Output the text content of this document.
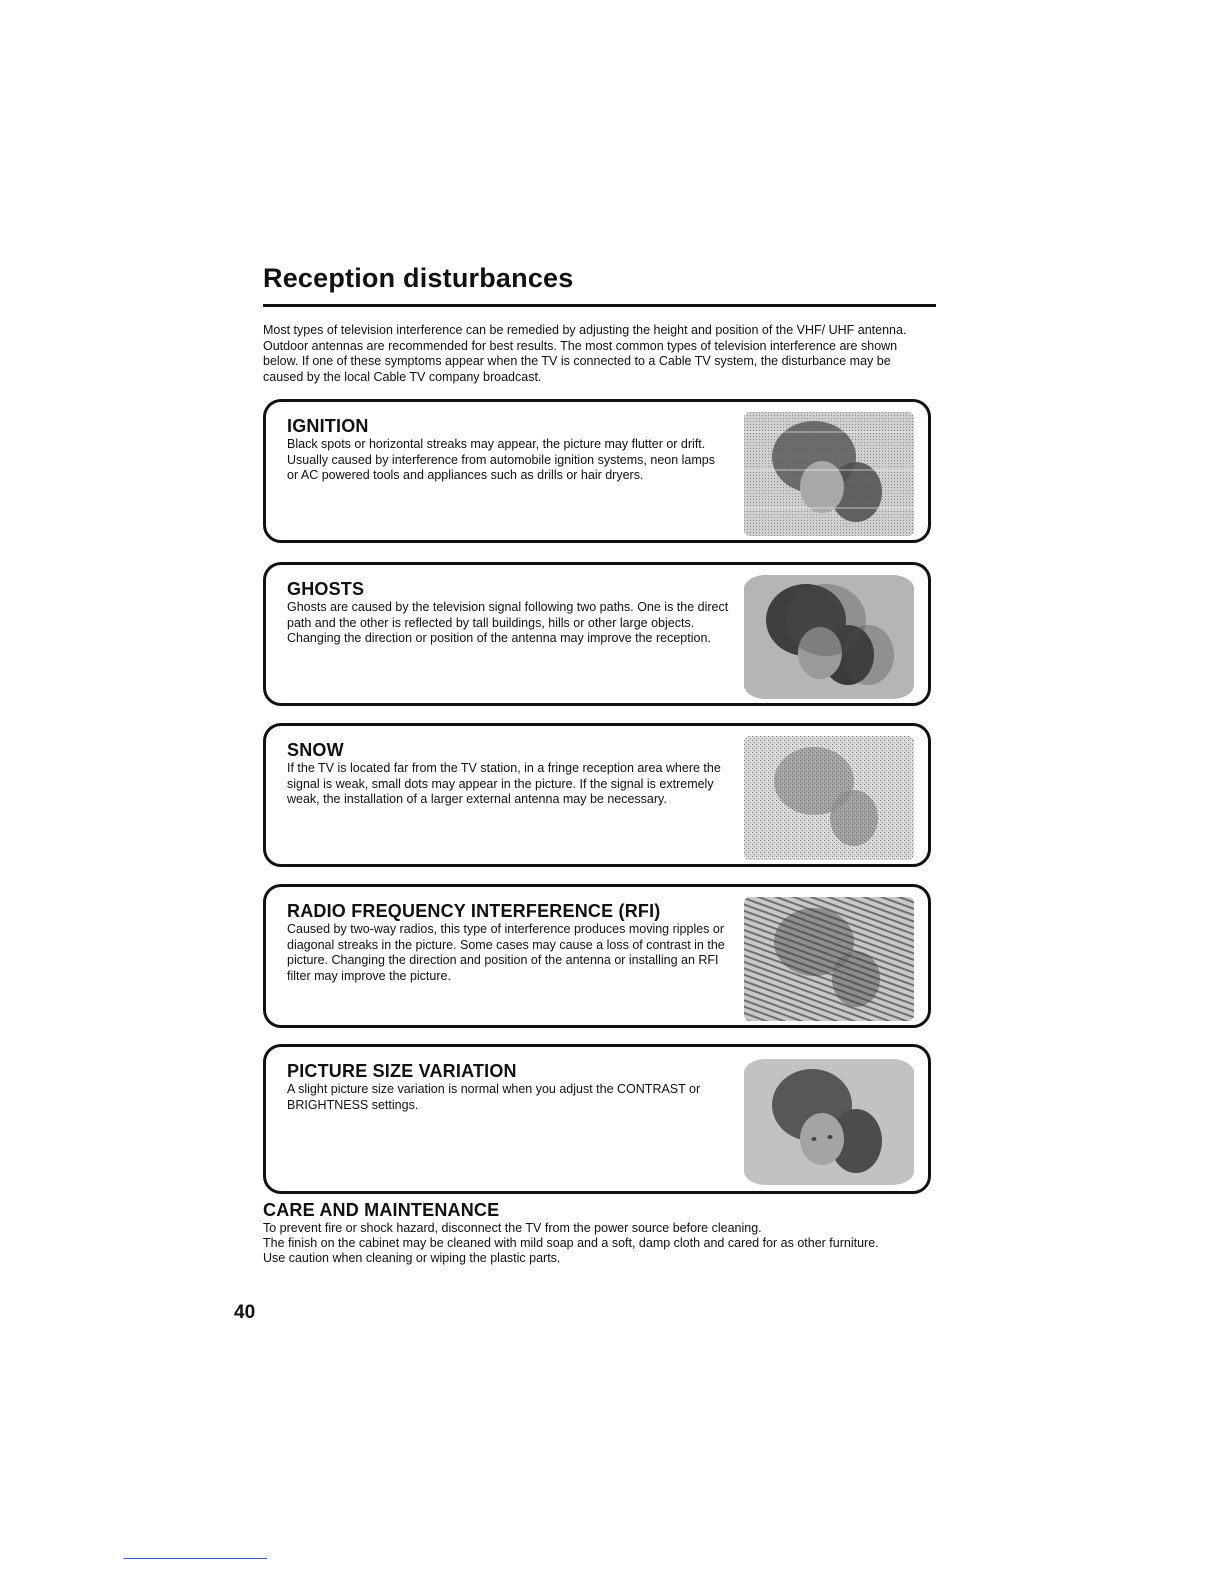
Reception disturbances

Most types of television interference can be remedied by adjusting the height and position of the VHF/ UHF antenna. Outdoor antennas are recommended for best results. The most common types of television interference are shown below. If one of these symptoms appear when the TV is connected to a Cable TV system, the disturbance may be caused by the local Cable TV company broadcast.

IGNITION

Black spots or horizontal streaks may appear, the picture may flutter or drift. Usually caused by interference from automobile ignition systems, neon lamps or AC powered tools and appliances such as drills or hair dryers.

GHOSTS

Ghosts are caused by the television signal following two paths. One is the direct path and the other is reflected by tall buildings, hills or other large objects. Changing the direction or position of the antenna may improve the reception.

SNOW

If the TV is located far from the TV station, in a fringe reception area where the signal is weak, small dots may appear in the picture. If the signal is extremely weak, the installation of a larger external antenna may be necessary.

RADIO FREQUENCY INTERFERENCE (RFI)

Caused by two-way radios, this type of interference produces moving ripples or diagonal streaks in the picture. Some cases may cause a loss of contrast in the picture. Changing the direction and position of the antenna or installing an RFI filter may improve the picture.

PICTURE SIZE VARIATION

A slight picture size variation is normal when you adjust the CONTRAST or BRIGHTNESS settings.

CARE AND MAINTENANCE

To prevent fire or shock hazard, disconnect the TV from the power source before cleaning.

The finish on the cabinet may be cleaned with mild soap and a soft, damp cloth and cared for as other furniture.

Use caution when cleaning or wiping the plastic parts.

40
